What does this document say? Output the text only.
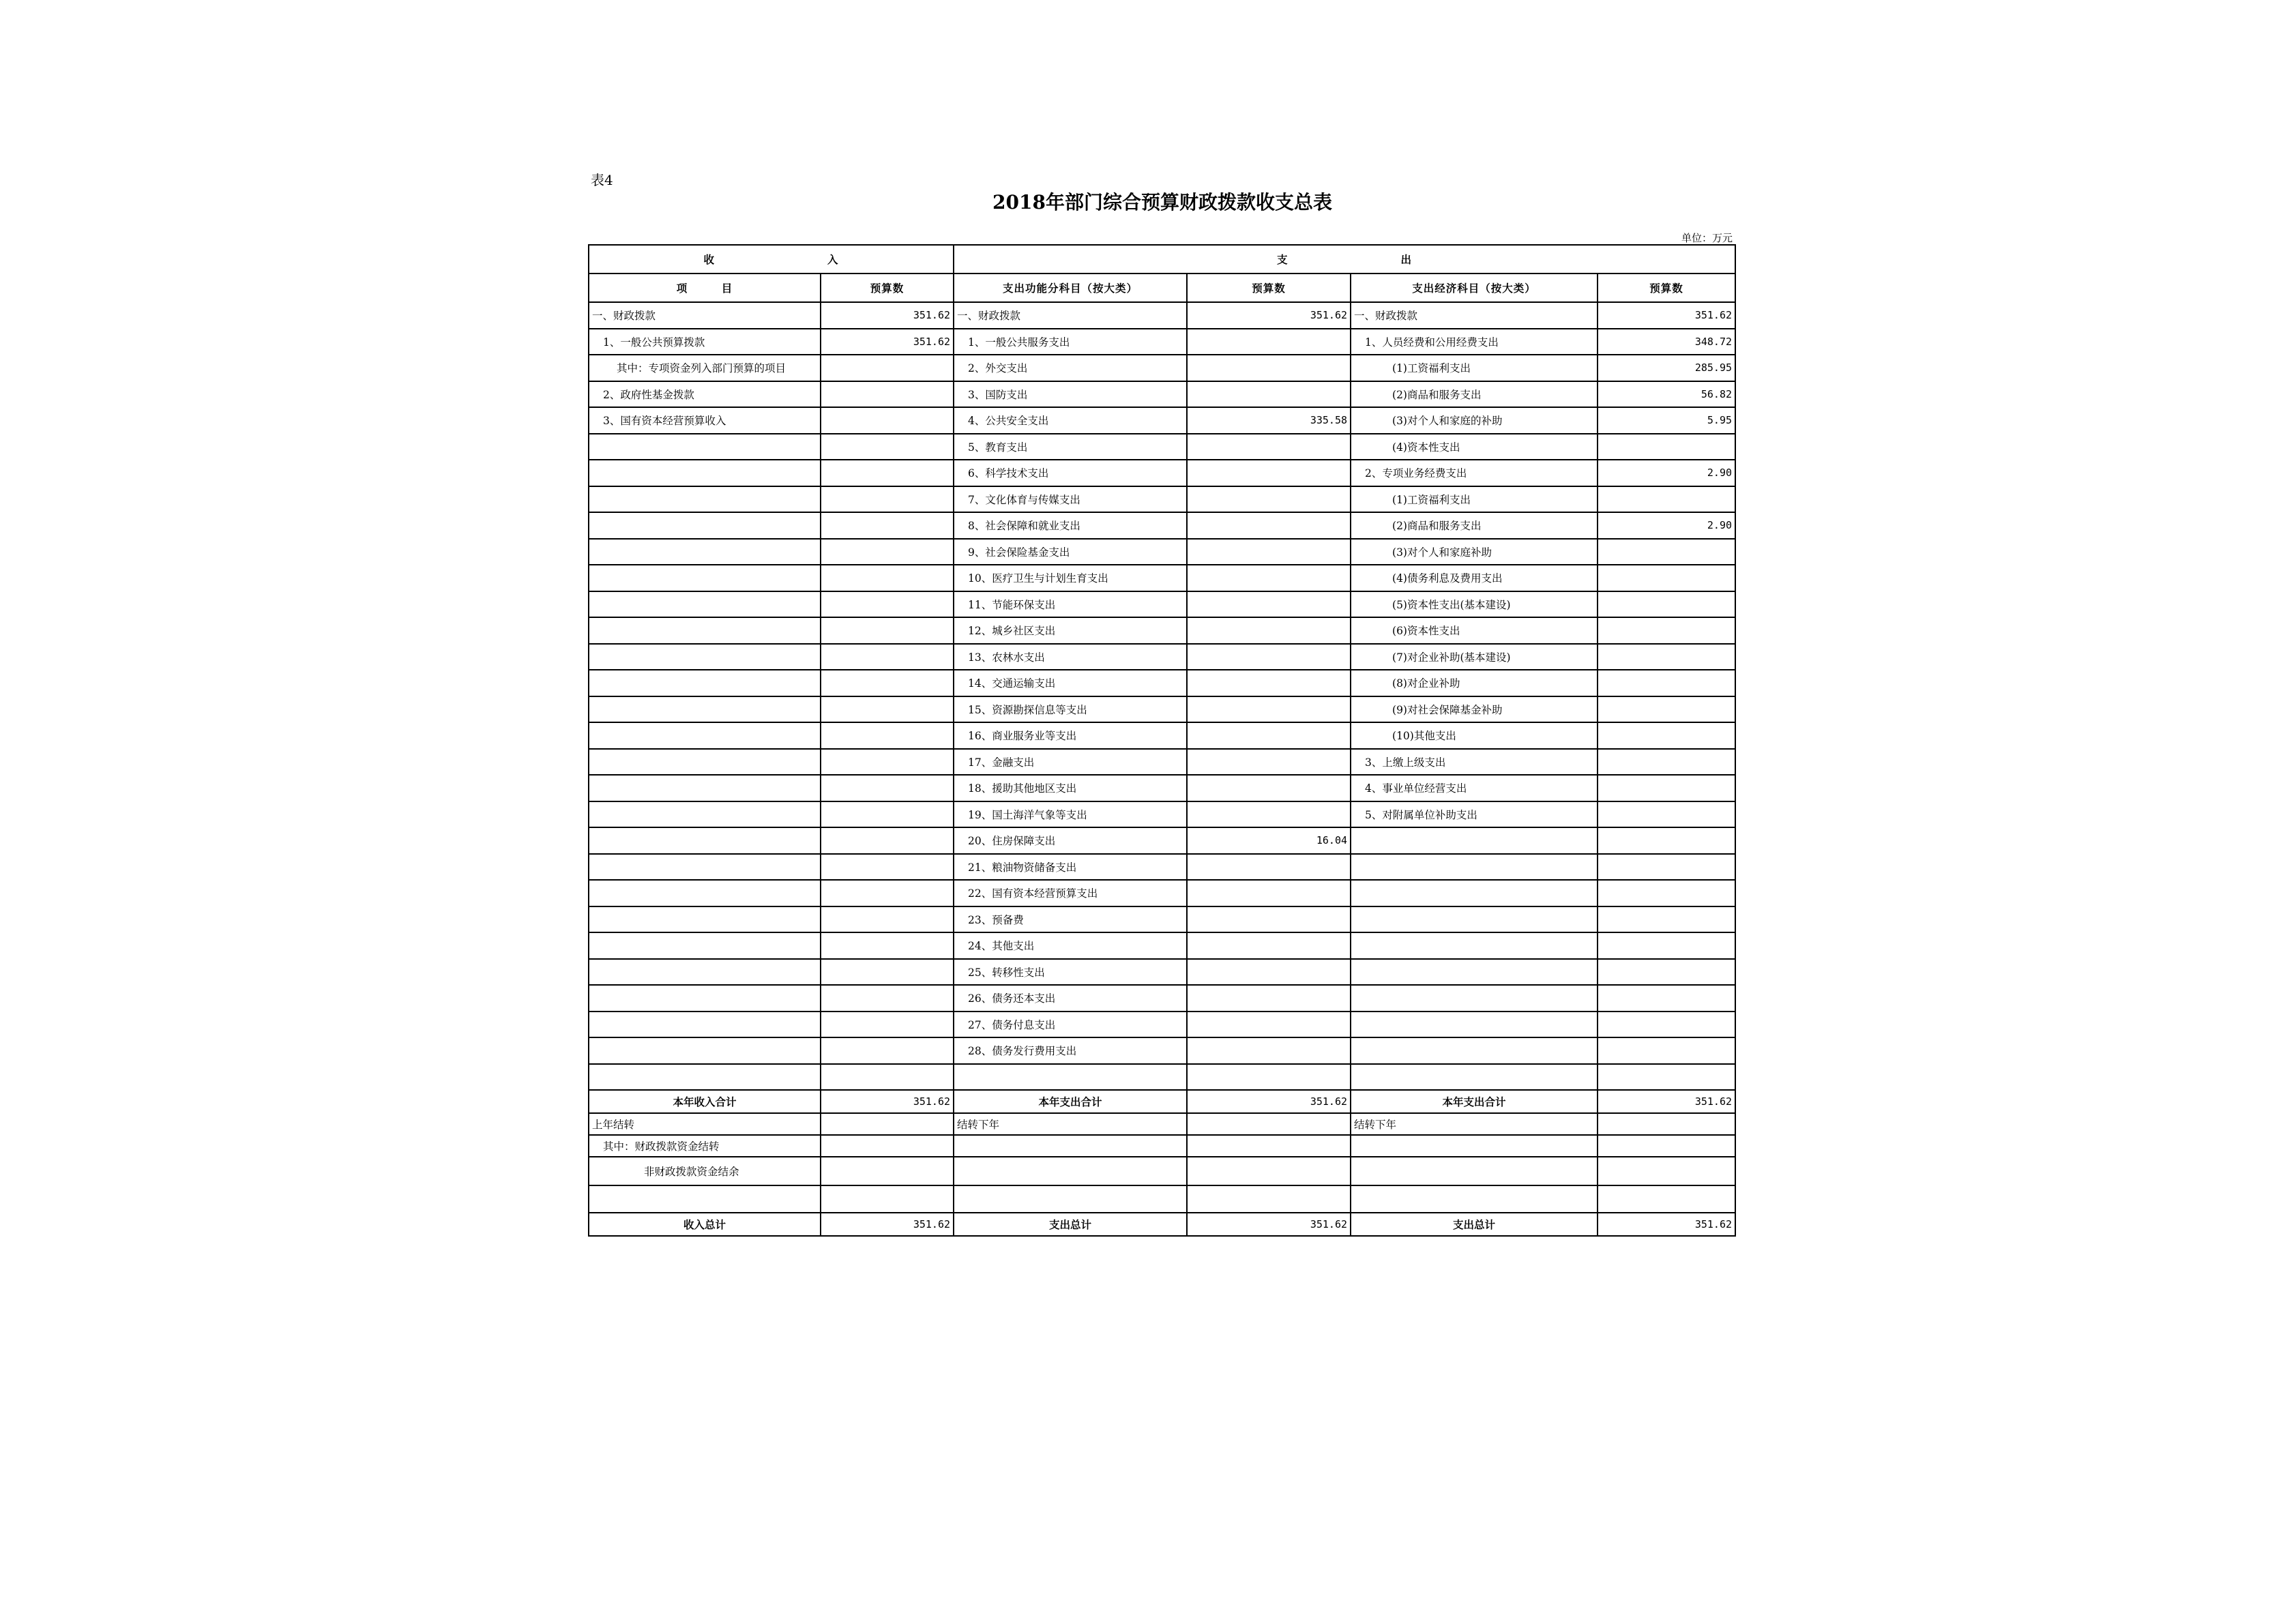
表4
2018年部门综合预算财政拨款收支总表
单位：万元
收　　　　　　　　　　入		支　　　　　　　　　　出			
项　　　目	预算数	支出功能分科目（按大类）	预算数	支出经济科目（按大类）	预算数
一、财政拨款	351.62	一、财政拨款	351.62	一、财政拨款	351.62
1、一般公共预算拨款	351.62	1、一般公共服务支出		1、人员经费和公用经费支出	348.72
其中：专项资金列入部门预算的项目		2、外交支出		(1)工资福利支出	285.95
2、政府性基金拨款		3、国防支出		(2)商品和服务支出	56.82
3、国有资本经营预算收入		4、公共安全支出	335.58	(3)对个人和家庭的补助	5.95
		5、教育支出		(4)资本性支出	
		6、科学技术支出		2、专项业务经费支出	2.90
		7、文化体育与传媒支出		(1)工资福利支出	
		8、社会保障和就业支出		(2)商品和服务支出	2.90
		9、社会保险基金支出		(3)对个人和家庭补助	
		10、医疗卫生与计划生育支出		(4)债务利息及费用支出	
		11、节能环保支出		(5)资本性支出(基本建设)	
		12、城乡社区支出		(6)资本性支出	
		13、农林水支出		(7)对企业补助(基本建设)	
		14、交通运输支出		(8)对企业补助	
		15、资源勘探信息等支出		(9)对社会保障基金补助	
		16、商业服务业等支出		(10)其他支出	
		17、金融支出		3、上缴上级支出	
		18、援助其他地区支出		4、事业单位经营支出	
		19、国土海洋气象等支出		5、对附属单位补助支出	
		20、住房保障支出	16.04		
		21、粮油物资储备支出			
		22、国有资本经营预算支出			
		23、预备费			
		24、其他支出			
		25、转移性支出			
		26、债务还本支出			
		27、债务付息支出			
		28、债务发行费用支出			

本年收入合计	351.62	本年支出合计	351.62	本年支出合计	351.62
上年结转		结转下年		结转下年	
其中：财政拨款资金结转					
非财政拨款资金结余					

收入总计	351.62	支出总计	351.62	支出总计	351.62
